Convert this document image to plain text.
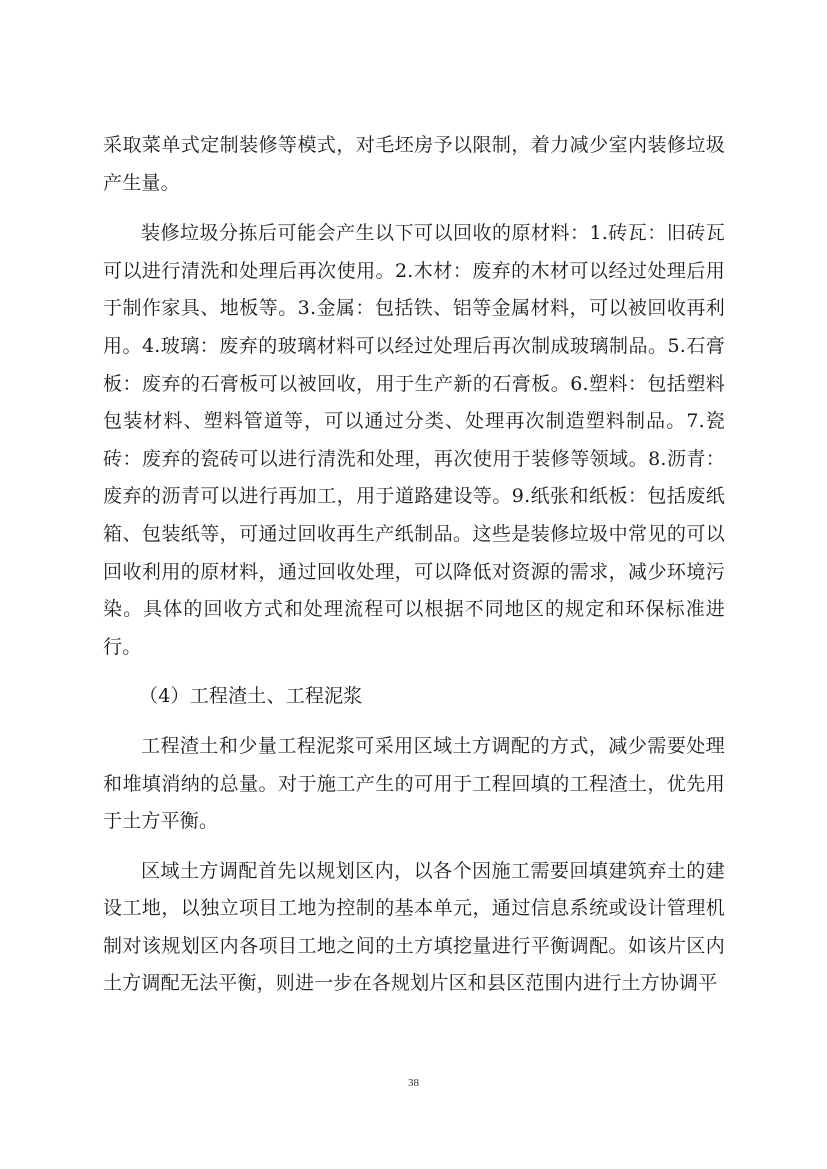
采取菜单式定制装修等模式，对毛坯房予以限制，着力减少室内装修垃圾产生量。

装修垃圾分拣后可能会产生以下可以回收的原材料：1.砖瓦：旧砖瓦可以进行清洗和处理后再次使用。2.木材：废弃的木材可以经过处理后用于制作家具、地板等。3.金属：包括铁、铝等金属材料，可以被回收再利用。4.玻璃：废弃的玻璃材料可以经过处理后再次制成玻璃制品。5.石膏板：废弃的石膏板可以被回收，用于生产新的石膏板。6.塑料：包括塑料包装材料、塑料管道等，可以通过分类、处理再次制造塑料制品。7.瓷砖：废弃的瓷砖可以进行清洗和处理，再次使用于装修等领域。8.沥青：废弃的沥青可以进行再加工，用于道路建设等。9.纸张和纸板：包括废纸箱、包装纸等，可通过回收再生产纸制品。这些是装修垃圾中常见的可以回收利用的原材料，通过回收处理，可以降低对资源的需求，减少环境污染。具体的回收方式和处理流程可以根据不同地区的规定和环保标准进行。

（4）工程渣土、工程泥浆

工程渣土和少量工程泥浆可采用区域土方调配的方式，减少需要处理和堆填消纳的总量。对于施工产生的可用于工程回填的工程渣土，优先用于土方平衡。

区域土方调配首先以规划区内，以各个因施工需要回填建筑弃土的建设工地，以独立项目工地为控制的基本单元，通过信息系统或设计管理机制对该规划区内各项目工地之间的土方填挖量进行平衡调配。如该片区内土方调配无法平衡，则进一步在各规划片区和县区范围内进行土方协调平

38
